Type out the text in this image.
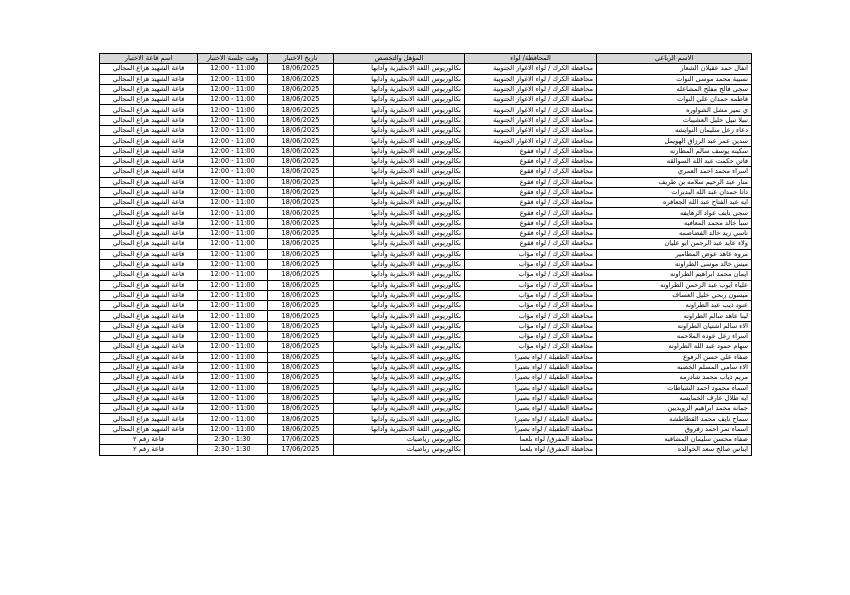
الاسم الرباعي	المحافظة/ لواء	المؤهل والتخصص	تاريخ الاختبار	وقت جلسة الاختبار	اسم قاعة الاختبار
انفال حمد عقيلان الشعار	محافظة الكرك / لواء الاغوار الجنوبية	بكالوريوس اللغة الانجليزية وآدابها	18/06/2025	11:00 - 12:00	قاعة الشهيد هزاع المجالي
نسيبة محمد موسى النوات	محافظة الكرك / لواء الاغوار الجنوبية	بكالوريوس اللغة الانجليزية وآدابها	18/06/2025	11:00 - 12:00	قاعة الشهيد هزاع المجالي
سجى فالح مفلح المشاعله	محافظة الكرك / لواء الاغوار الجنوبية	بكالوريوس اللغة الانجليزية وآدابها	18/06/2025	11:00 - 12:00	قاعة الشهيد هزاع المجالي
فاطمه حمدان علي النوات	محافظة الكرك / لواء الاغوار الجنوبية	بكالوريوس اللغة الانجليزية وآدابها	18/06/2025	11:00 - 12:00	قاعة الشهيد هزاع المجالي
ي نمير مشل الشواوره	محافظة الكرك / لواء الاغوار الجنوبية	بكالوريوس اللغة الانجليزية وآدابها	18/06/2025	11:00 - 12:00	قاعة الشهيد هزاع المجالي
نبيلا نبيل خليل العشيبات	محافظة الكرك / لواء الاغوار الجنوبية	بكالوريوس اللغة الانجليزية وآدابها	18/06/2025	11:00 - 12:00	قاعة الشهيد هزاع المجالي
دعاء زعل سليمان النوايشه	محافظة الكرك / لواء الاغوار الجنوبية	بكالوريوس اللغة الانجليزية وآدابها	18/06/2025	11:00 - 12:00	قاعة الشهيد هزاع المجالي
سدين عمر عبد الرزاق الهويمل	محافظة الكرك / لواء الاغوار الجنوبية	بكالوريوس اللغة الانجليزية وآدابها	18/06/2025	11:00 - 12:00	قاعة الشهيد هزاع المجالي
سكينه يوسف سالم المطارنه	محافظة الكرك / لواء فقوع	بكالوريوس اللغة الانجليزية وآدابها	18/06/2025	11:00 - 12:00	قاعة الشهيد هزاع المجالي
فاتن حكمت عبد الله السوالقه	محافظة الكرك / لواء فقوع	بكالوريوس اللغة الانجليزية وآدابها	18/06/2025	11:00 - 12:00	قاعة الشهيد هزاع المجالي
اسراء محمد احمد العمري	محافظة الكرك / لواء فقوع	بكالوريوس اللغة الانجليزية وآدابها	18/06/2025	11:00 - 12:00	قاعة الشهيد هزاع المجالي
منار عبد الرحيم سلامه بن طريف	محافظة الكرك / لواء فقوع	بكالوريوس اللغة الانجليزية وآدابها	18/06/2025	11:00 - 12:00	قاعة الشهيد هزاع المجالي
دانا حمدان عبد الله البديرات	محافظة الكرك / لواء فقوع	بكالوريوس اللغة الانجليزية وآدابها	18/06/2025	11:00 - 12:00	قاعة الشهيد هزاع المجالي
ايه عبد الفتاح عبد الله الجعافره	محافظة الكرك / لواء فقوع	بكالوريوس اللغة الانجليزية وآدابها	18/06/2025	11:00 - 12:00	قاعة الشهيد هزاع المجالي
سجى نايف عواد الرهايفه	محافظة الكرك / لواء فقوع	بكالوريوس اللغة الانجليزية وآدابها	18/06/2025	11:00 - 12:00	قاعة الشهيد هزاع المجالي
سبأ خالد محمد المعافيه	محافظة الكرك / لواء فقوع	بكالوريوس اللغة الانجليزية وآدابها	18/06/2025	11:00 - 12:00	قاعة الشهيد هزاع المجالي
ناسي زيد خالد الفضاصمه	محافظة الكرك / لواء فقوع	بكالوريوس اللغة الانجليزية وآدابها	18/06/2025	11:00 - 12:00	قاعة الشهيد هزاع المجالي
ولاء عايد عبد الرحمن ابو عليان	محافظة الكرك / لواء فقوع	بكالوريوس اللغة الانجليزية وآدابها	18/06/2025	11:00 - 12:00	قاعة الشهيد هزاع المجالي
مروه عاهد عوض المطامير	محافظة الكرك / لواء مؤاب	بكالوريوس اللغة الانجليزية وآدابها	18/06/2025	11:00 - 12:00	قاعة الشهيد هزاع المجالي
ميس خالد موسى الطراونه	محافظة الكرك / لواء مؤاب	بكالوريوس اللغة الانجليزية وآدابها	18/06/2025	11:00 - 12:00	قاعة الشهيد هزاع المجالي
ايمان محمد ابراهيم الطراونه	محافظة الكرك / لواء مؤاب	بكالوريوس اللغة الانجليزية وآدابها	18/06/2025	11:00 - 12:00	قاعة الشهيد هزاع المجالي
علياء ايوب عبد الرحمن الطراونه	محافظة الكرك / لواء مؤاب	بكالوريوس اللغة الانجليزية وآدابها	18/06/2025	11:00 - 12:00	قاعة الشهيد هزاع المجالي
ميسون ربحي خليل العساف	محافظة الكرك / لواء مؤاب	بكالوريوس اللغة الانجليزية وآدابها	18/06/2025	11:00 - 12:00	قاعة الشهيد هزاع المجالي
عنود ذيب عبد الطراونه	محافظة الكرك / لواء مؤاب	بكالوريوس اللغة الانجليزية وآدابها	18/06/2025	11:00 - 12:00	قاعة الشهيد هزاع المجالي
لينا عاهد سالم الطراونه	محافظة الكرك / لواء مؤاب	بكالوريوس اللغة الانجليزية وآدابها	18/06/2025	11:00 - 12:00	قاعة الشهيد هزاع المجالي
الاء سالم اشتيان الطراونه	محافظة الكرك / لواء مؤاب	بكالوريوس اللغة الانجليزية وآدابها	18/06/2025	11:00 - 12:00	قاعة الشهيد هزاع المجالي
اسراء زعل عوده الملاحمه	محافظة الكرك / لواء مؤاب	بكالوريوس اللغة الانجليزية وآدابها	18/06/2025	11:00 - 12:00	قاعة الشهيد هزاع المجالي
سهام حمود عبد الله الطراونه	محافظة الكرك / لواء مؤاب	بكالوريوس اللغة الانجليزية وآدابها	18/06/2025	11:00 - 12:00	قاعة الشهيد هزاع المجالي
صفاء علي حسن الرفوع	محافظة الطفيلة / لواء بصيرا	بكالوريوس اللغة الانجليزية وآدابها	18/06/2025	11:00 - 12:00	قاعة الشهيد هزاع المجالي
الاء سامي المسلم الخصبه	محافظة الطفيلة / لواء بصيرا	بكالوريوس اللغة الانجليزية وآدابها	18/06/2025	11:00 - 12:00	قاعة الشهيد هزاع المجالي
مريم ذياب محمد شادرمه	محافظة الطفيلة / لواء بصيرا	بكالوريوس اللغة الانجليزية وآدابها	18/06/2025	11:00 - 12:00	قاعة الشهيد هزاع المجالي
اسماء محمود احمد الشباطات	محافظة الطفيلة / لواء بصيرا	بكالوريوس اللغة الانجليزية وآدابها	18/06/2025	11:00 - 12:00	قاعة الشهيد هزاع المجالي
ايه طلال عارف الخمايسه	محافظة الطفيلة / لواء بصيرا	بكالوريوس اللغة الانجليزية وآدابها	18/06/2025	11:00 - 12:00	قاعة الشهيد هزاع المجالي
جمانه محمد ابراهيم الزويديين	محافظة الطفيلة / لواء بصيرا	بكالوريوس اللغة الانجليزية وآدابها	18/06/2025	11:00 - 12:00	قاعة الشهيد هزاع المجالي
سماح نايف محمد القطاطشه	محافظة الطفيلة / لواء بصيرا	بكالوريوس اللغة الانجليزية وآدابها	18/06/2025	11:00 - 12:00	قاعة الشهيد هزاع المجالي
اسماء نمر احمد زقروق	محافظة الطفيلة / لواء بصيرا	بكالوريوس اللغة الانجليزية وآدابها	18/06/2025	11:00 - 12:00	قاعة الشهيد هزاع المجالي
صفاء محسن سليمان المشاقبه	محافظة المفرق/ لواء بلعما	بكالوريوس رياضيات	17/06/2025	1:30 - 2:30	قاعة رقم ٢
ايناس صالح سعد الخوالده	محافظة المفرق/ لواء بلعما	بكالوريوس رياضيات	17/06/2025	1:30 - 2:30	قاعة رقم ٢
